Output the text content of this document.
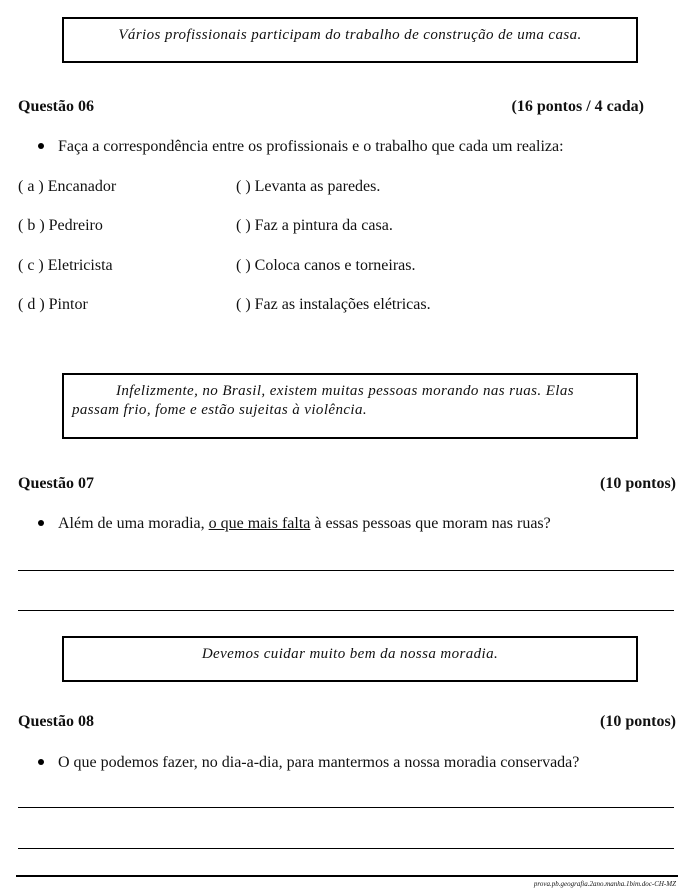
Vários profissionais participam do trabalho de construção de uma casa.
Questão 06	(16 pontos / 4 cada)
Faça a correspondência entre os profissionais e o trabalho que cada um realiza:
( a ) Encanador	( ) Levanta as paredes.
( b ) Pedreiro	( ) Faz a pintura da casa.
( c ) Eletricista	( ) Coloca canos e torneiras.
( d ) Pintor	( ) Faz as instalações elétricas.
Infelizmente, no Brasil, existem muitas pessoas morando nas ruas. Elas
passam frio, fome e estão sujeitas à violência.
Questão 07	(10 pontos)
Além de uma moradia, o que mais falta à essas pessoas que moram nas ruas?
Devemos cuidar muito bem da nossa moradia.
Questão 08	(10 pontos)
O que podemos fazer, no dia-a-dia, para mantermos a nossa moradia conservada?
prova.pb.geografia.2ano.manha.1bim.doc-CH-MZ
